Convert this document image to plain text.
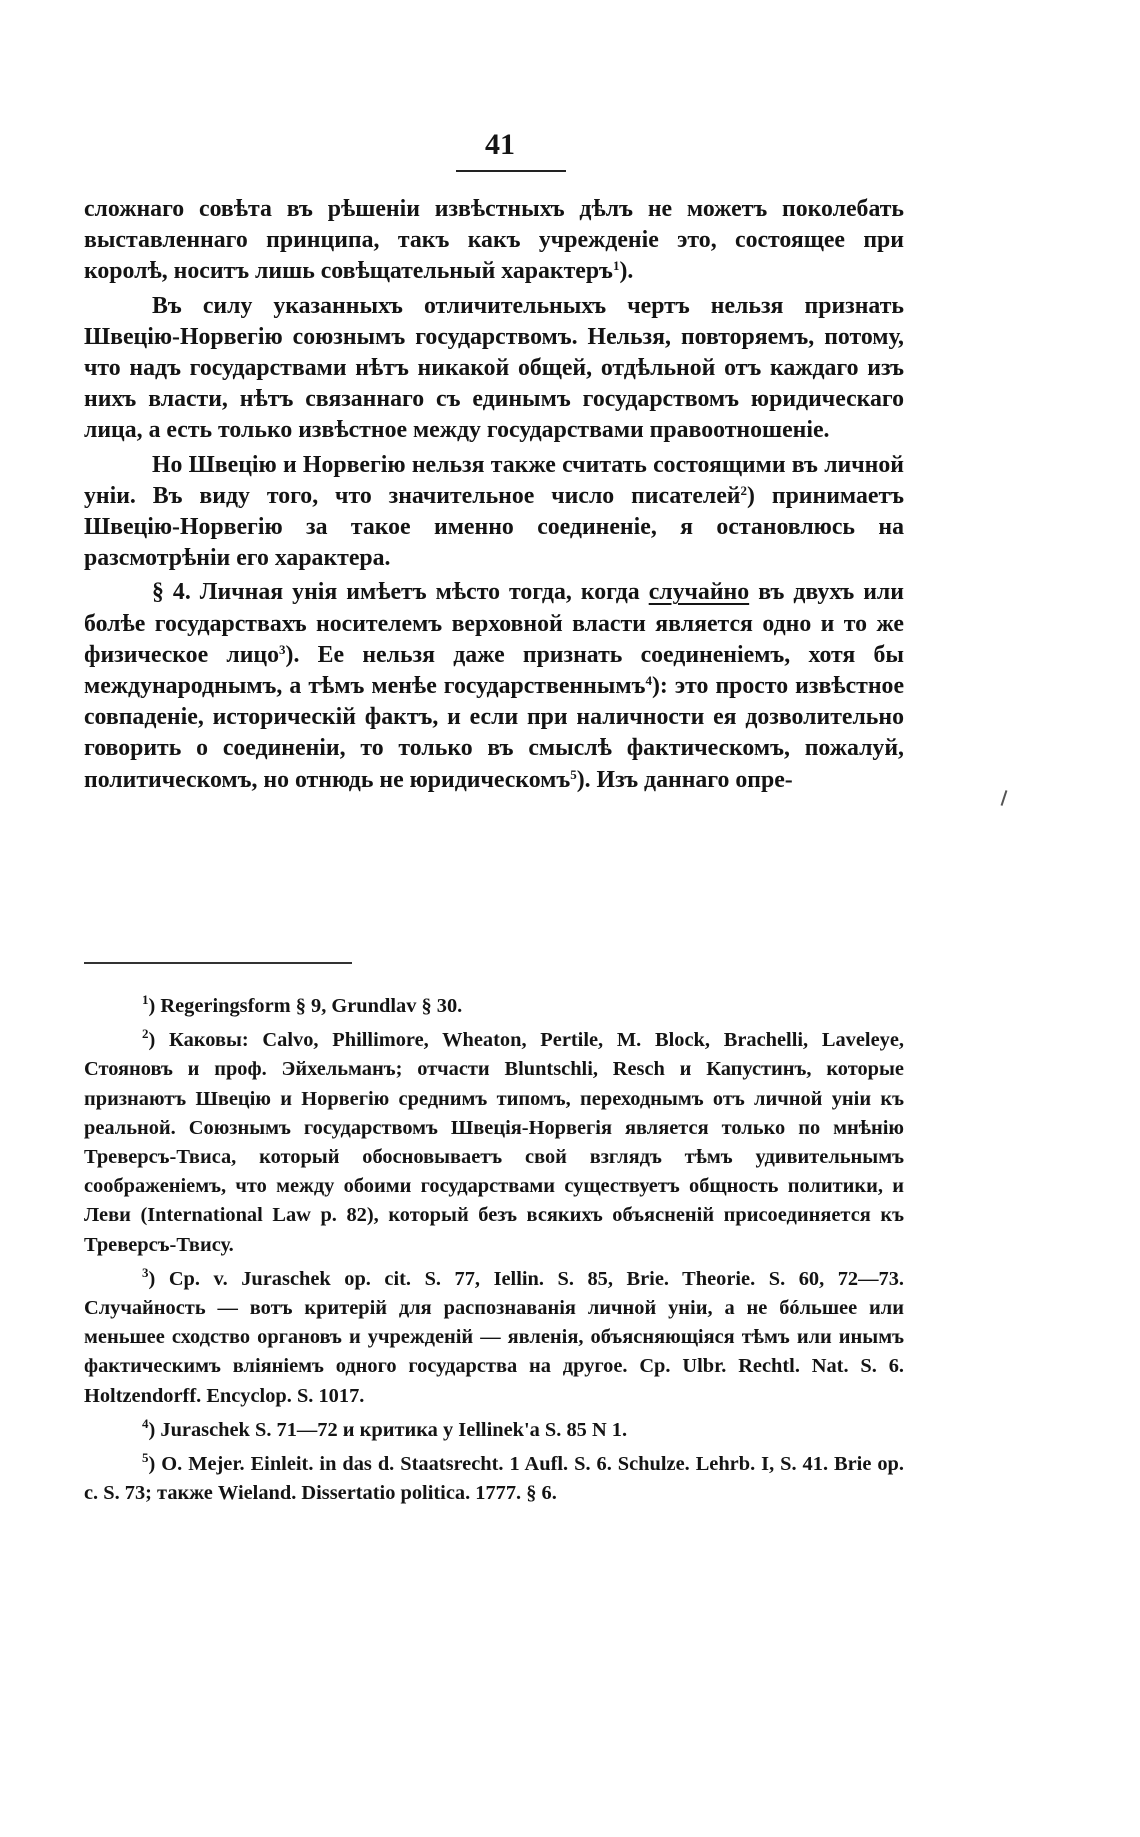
41

сложнаго совѣта въ рѣшенiи извѣстныхъ дѣлъ не можетъ поколебать выставленнаго принципа, такъ какъ учрежденie это, состоящее при королѣ, носитъ лишь совѣщательный характеръ$^1$).

Въ силу указанныхъ отличительныхъ чертъ нельзя признать Швецiю-Норвегiю союзнымъ государствомъ. Нельзя, повторяемъ, потому, что надъ государствами нѣтъ никакой общей, отдѣльной отъ каждаго изъ нихъ власти, нѣтъ связаннаго съ единымъ государствомъ юридическаго лица, а есть только извѣстное между государствами правоотношенie.

Но Швецiю и Норвегiю нельзя также считать состоящими въ личной унiи. Въ виду того, что значительное число писателей$^2$) принимаетъ Швецiю-Норвегiю за такое именно соединенie, я остановлюсь на разсмотрѣнiи его характера.

§ 4. Личная унiя имѣетъ мѣсто тогда, когда случайно въ двухъ или болѣе государствахъ носителемъ верховной власти является одно и то же физическое лицо$^3$). Ее нельзя даже признать соединенiемъ, хотя бы международнымъ, а тѣмъ менѣе государственнымъ$^4$): это просто извѣстное совпаденie, историческiй фактъ, и если при наличности ея дозволительно говорить о соединенiи, то только въ смыслѣ фактическомъ, пожалуй, политическомъ, но отнюдь не юридическомъ$^5$). Изъ даннаго опре-

$^1$) Regeringsform § 9, Grundlav § 30.

$^2$) Каковы: Calvo, Phillimore, Wheaton, Pertile, M. Block, Brachelli, Laveleye, Стояновъ и проф. Эйхельманъ; отчасти Bluntschli, Resch и Капустинъ, которые признаютъ Швецiю и Норвегiю среднимъ типомъ, переходнымъ отъ личной унiи къ реальной. Союзнымъ государствомъ Швецiя-Норвегiя является только по мнѣнiю Треверсъ-Твиса, который обосновываетъ свой взглядъ тѣмъ удивительнымъ соображенiемъ, что между обоими государствами существуетъ общность политики, и Леви (International Law p. 82), который безъ всякихъ объясненiй присоединяется къ Треверсъ-Твису.

$^3$) Cp. v. Juraschek op. cit. S. 77, Iellin. S. 85, Brie. Theorie. S. 60, 72—73. Случайность — вотъ критерiй для распознаванiя личной унiи, а не бóльшее или меньшее сходство органовъ и учрежденiй — явленiя, объясняющiяся тѣмъ или инымъ фактическимъ влiянiемъ одного государства на другое. Cp. Ulbr. Rechtl. Nat. S. 6. Holtzendorff. Encyclop. S. 1017.

$^4$) Juraschek S. 71—72 и критика у Iellinek'а S. 85 N 1.

$^5$) O. Mejer. Einleit. in das d. Staatsrecht. 1 Aufl. S. 6. Schulze. Lehrb. I, S. 41. Brie op. c. S. 73; также Wieland. Dissertatio politica. 1777. § 6.
